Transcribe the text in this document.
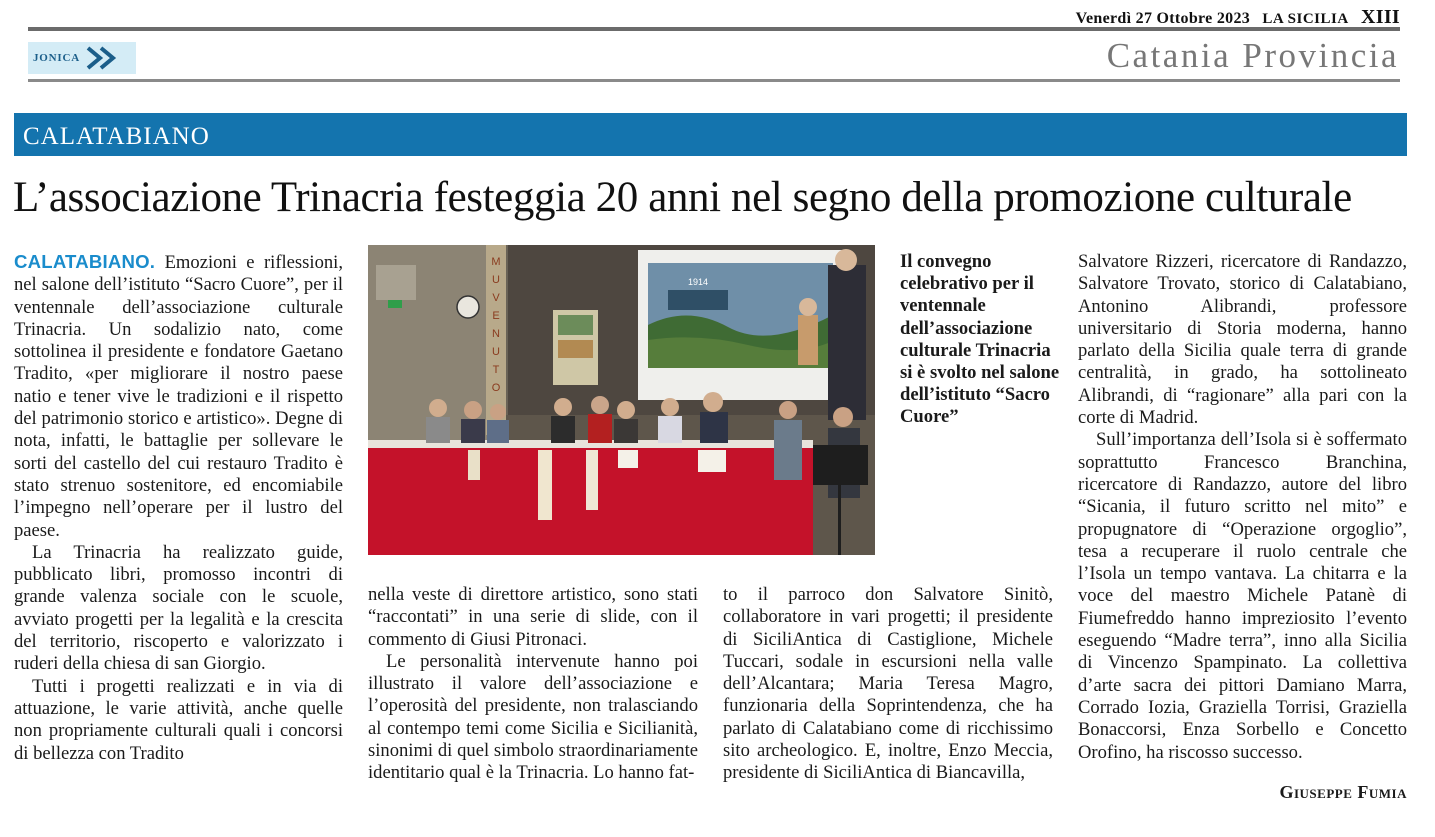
Venerdì 27 Ottobre 2023 LA SICILIA XIII
JONICA	Catania Provincia
CALATABIANO
L’associazione Trinacria festeggia 20 anni nel segno della promozione culturale

CALATABIANO. Emozioni e riflessioni, nel salone dell’istituto “Sacro Cuore”, per il ventennale dell’associazione culturale Trinacria. Un sodalizio nato, come sottolinea il presidente e fondatore Gaetano Tradito, «per migliorare il nostro paese natio e tener vive le tradizioni e il rispetto del patrimonio storico e artistico». Degne di nota, infatti, le battaglie per sollevare le sorti del castello del cui restauro Tradito è stato strenuo sostenitore, ed encomiabile l’impegno nell’operare per il lustro del paese.

La Trinacria ha realizzato guide, pubblicato libri, promosso incontri di grande valenza sociale con le scuole, avviato progetti per la legalità e la crescita del territorio, riscoperto e valorizzato i ruderi della chiesa di san Giorgio.

Tutti i progetti realizzati e in via di attuazione, le varie attività, anche quelle non propriamente culturali quali i concorsi di bellezza con Tradito

M
U
V
E
N
U
T
O
1914
Il convegno celebrativo per il ventennale dell’associazione culturale Trinacria si è svolto nel salone dell’istituto “Sacro Cuore”

nella veste di direttore artistico, sono stati “raccontati” in una serie di slide, con il commento di Giusi Pitronaci.

Le personalità intervenute hanno poi illustrato il valore dell’associazione e l’operosità del presidente, non tralasciando al contempo temi come Sicilia e Sicilianità, sinonimi di quel simbolo straordinariamente identitario qual è la Trinacria. Lo hanno fat-

to il parroco don Salvatore Sinitò, collaboratore in vari progetti; il presidente di SiciliAntica di Castiglione, Michele Tuccari, sodale in escursioni nella valle dell’Alcantara; Maria Teresa Magro, funzionaria della Soprintendenza, che ha parlato di Calatabiano come di ricchissimo sito archeologico. E, inoltre, Enzo Meccia, presidente di SiciliAntica di Biancavilla,

Salvatore Rizzeri, ricercatore di Randazzo, Salvatore Trovato, storico di Calatabiano, Antonino Alibrandi, professore universitario di Storia moderna, hanno parlato della Sicilia quale terra di grande centralità, in grado, ha sottolineato Alibrandi, di “ragionare” alla pari con la corte di Madrid.

Sull’importanza dell’Isola si è soffermato soprattutto Francesco Branchina, ricercatore di Randazzo, autore del libro “Sicania, il futuro scritto nel mito” e propugnatore di “Operazione orgoglio”, tesa a recuperare il ruolo centrale che l’Isola un tempo vantava. La chitarra e la voce del maestro Michele Patanè di Fiumefreddo hanno impreziosito l’evento eseguendo “Madre terra”, inno alla Sicilia di Vincenzo Spampinato. La collettiva d’arte sacra dei pittori Damiano Marra, Corrado Iozia, Graziella Torrisi, Graziella Bonaccorsi, Enza Sorbello e Concetto Orofino, ha riscosso successo.

Giuseppe Fumia
